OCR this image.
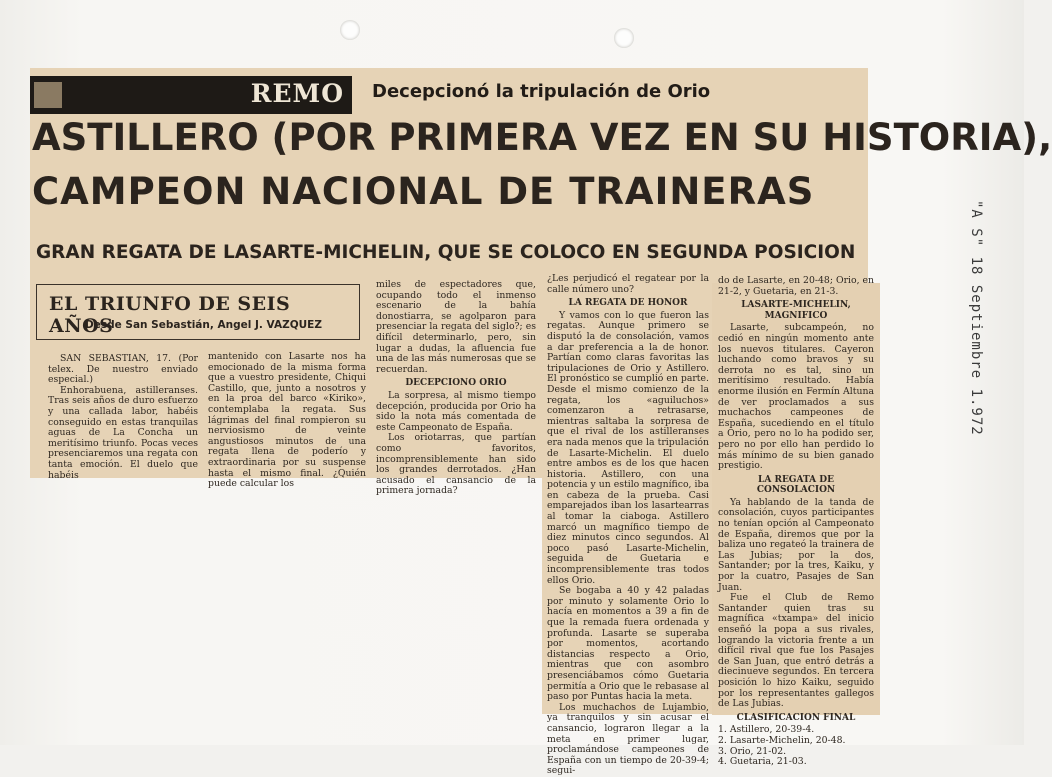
REMO Decepcionó la tripulación de Orio
ASTILLERO (POR PRIMERA VEZ EN SU HISTORIA),
CAMPEON NACIONAL DE TRAINERAS
GRAN REGATA DE LASARTE-MICHELIN, QUE SE COLOCO EN SEGUNDA POSICION
EL TRIUNFO DE SEIS AÑOS
Desde San Sebastián, Angel J. VAZQUEZ

SAN SEBASTIAN, 17. (Por telex. De nuestro enviado especial.)

Enhorabuena, astilleranses. Tras seis años de duro esfuerzo y una callada labor, habéis conseguido en estas tranquilas aguas de La Concha un meritísimo triunfo. Pocas veces presenciaremos una regata con tanta emoción. El duelo que habéis

mantenido con Lasarte nos ha emocionado de la misma forma que a vuestro presidente, Chiqui Castillo, que, junto a nosotros y en la proa del barco «Kiriko», contemplaba la regata. Sus lágrimas del final rompieron su nerviosismo de veinte angustiosos minutos de una regata llena de poderío y extraordinaria por su suspense hasta el mismo final. ¿Quién puede calcular los

miles de espectadores que, ocupando todo el inmenso escenario de la bahía donostiarra, se agolparon para presenciar la regata del siglo?; es difícil determinarlo, pero, sin lugar a dudas, la afluencia fue una de las más numerosas que se recuerdan.

DECEPCIONO ORIO

La sorpresa, al mismo tiempo decepción, producida por Orio ha sido la nota más comentada de este Campeonato de España.

Los oriotarras, que partían como favoritos, incomprensiblemente han sido los grandes derrotados. ¿Han acusado el cansancio de la primera jornada?

¿Les perjudicó el regatear por la calle número uno?

LA REGATA DE HONOR

Y vamos con lo que fueron las regatas. Aunque primero se disputó la de consolación, vamos a dar preferencia a la de honor. Partían como claras favoritas las tripulaciones de Orio y Astillero. El pronóstico se cumplió en parte. Desde el mismo comienzo de la regata, los «aguiluchos» comenzaron a retrasarse, mientras saltaba la sorpresa de que el rival de los astilleranses era nada menos que la tripulación de Lasarte-Michelin. El duelo entre ambos es de los que hacen historia. Astillero, con una potencia y un estilo magnífico, iba en cabeza de la prueba. Casi emparejados iban los lasartearras al tomar la ciaboga. Astillero marcó un magnífico tiempo de diez minutos cinco segundos. Al poco pasó Lasarte-Michelin, seguida de Guetaria e incomprensiblemente tras todos ellos Orio.

Se bogaba a 40 y 42 paladas por minuto y solamente Orio lo hacía en momentos a 39 a fin de que la remada fuera ordenada y profunda. Lasarte se superaba por momentos, acortando distancias respecto a Orio, mientras que con asombro presenciábamos cómo Guetaria permitía a Orio que le rebasase al paso por Puntas hacia la meta.

Los muchachos de Lujambio, ya tranquilos y sin acusar el cansancio, lograron llegar a la meta en primer lugar, proclamándose campeones de España con un tiempo de 20-39-4; segui-

do de Lasarte, en 20-48; Orio, en 21-2, y Guetaria, en 21-3.

LASARTE-MICHELIN, MAGNIFICO

Lasarte, subcampeón, no cedió en ningún momento ante los nuevos titulares. Cayeron luchando como bravos y su derrota no es tal, sino un meritísimo resultado. Había enorme ilusión en Fermín Altuna de ver proclamados a sus muchachos campeones de España, sucediendo en el título a Orio, pero no lo ha podido ser, pero no por ello han perdido lo más mínimo de su bien ganado prestigio.

LA REGATA DE CONSOLACION

Ya hablando de la tanda de consolación, cuyos participantes no tenían opción al Campeonato de España, diremos que por la baliza uno regateó la trainera de Las Jubias; por la dos, Santander; por la tres, Kaiku, y por la cuatro, Pasajes de San Juan.

Fue el Club de Remo Santander quien tras su magnífica «txampa» del inicio enseñó la popa a sus rivales, logrando la victoria frente a un difícil rival que fue los Pasajes de San Juan, que entró detrás a diecinueve segundos. En tercera posición lo hizo Kaiku, seguido por los representantes gallegos de Las Jubias.

CLASIFICACION FINAL

1. Astillero, 20-39-4.

2. Lasarte-Michelin, 20-48.

3. Orio, 21-02.

4. Guetaria, 21-03.

"A S" 18 Septiembre 1.972
